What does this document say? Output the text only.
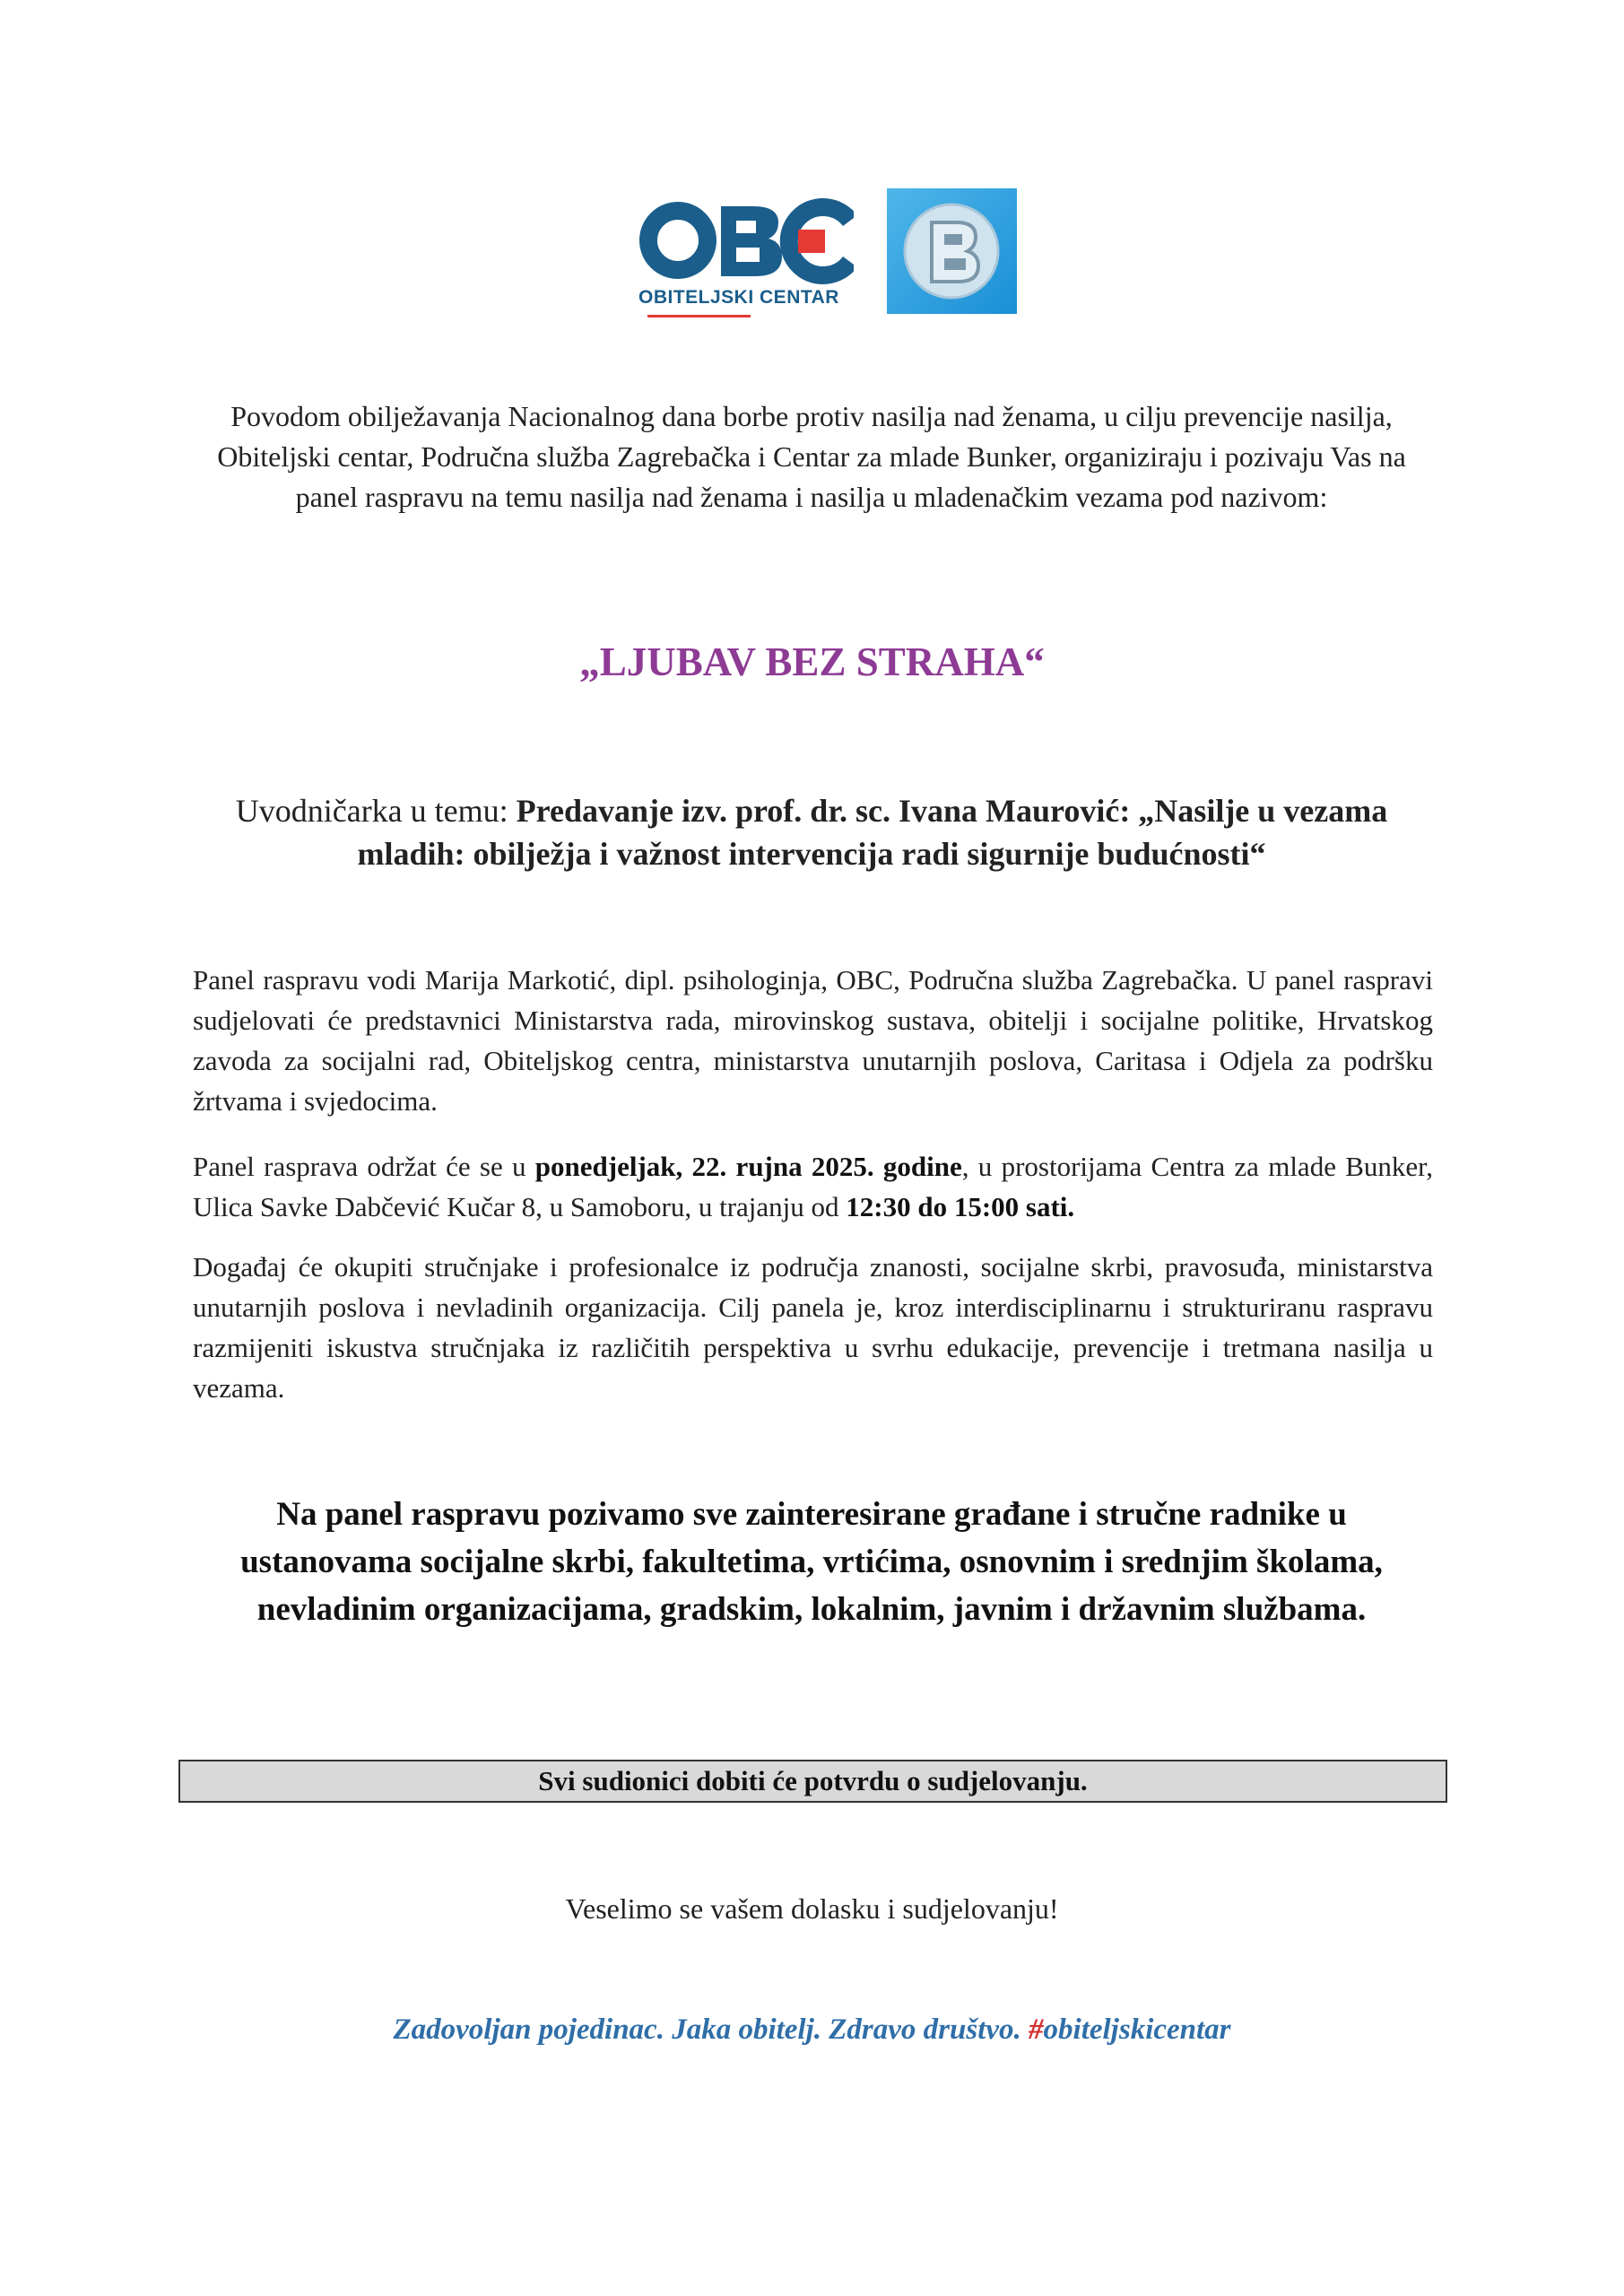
OBITELJSKI CENTAR
Povodom obilježavanja Nacionalnog dana borbe protiv nasilja nad ženama, u cilju prevencije nasilja, Obiteljski centar, Područna služba Zagrebačka i Centar za mlade Bunker, organiziraju i pozivaju Vas na panel raspravu na temu nasilja nad ženama i nasilja u mladenačkim vezama pod nazivom:
„LJUBAV BEZ STRAHA“
Uvodničarka u temu: Predavanje izv. prof. dr. sc. Ivana Maurović: „Nasilje u vezama mladih: obilježja i važnost intervencija radi sigurnije budućnosti“
Panel raspravu vodi Marija Markotić, dipl. psihologinja, OBC, Područna služba Zagrebačka. U panel raspravi sudjelovati će predstavnici Ministarstva rada, mirovinskog sustava, obitelji i socijalne politike, Hrvatskog zavoda za socijalni rad, Obiteljskog centra, ministarstva unutarnjih poslova, Caritasa i Odjela za podršku žrtvama i svjedocima.
Panel rasprava održat će se u ponedjeljak, 22. rujna 2025. godine, u prostorijama Centra za mlade Bunker, Ulica Savke Dabčević Kučar 8, u Samoboru, u trajanju od 12:30 do 15:00 sati.
Događaj će okupiti stručnjake i profesionalce iz područja znanosti, socijalne skrbi, pravosuđa, ministarstva unutarnjih poslova i nevladinih organizacija. Cilj panela je, kroz interdisciplinarnu i strukturiranu raspravu razmijeniti iskustva stručnjaka iz različitih perspektiva u svrhu edukacije, prevencije i tretmana nasilja u vezama.
Na panel raspravu pozivamo sve zainteresirane građane i stručne radnike u ustanovama socijalne skrbi, fakultetima, vrtićima, osnovnim i srednjim školama, nevladinim organizacijama, gradskim, lokalnim, javnim i državnim službama.
Svi sudionici dobiti će potvrdu o sudjelovanju.
Veselimo se vašem dolasku i sudjelovanju!
Zadovoljan pojedinac. Jaka obitelj. Zdravo društvo. #obiteljskicentar
